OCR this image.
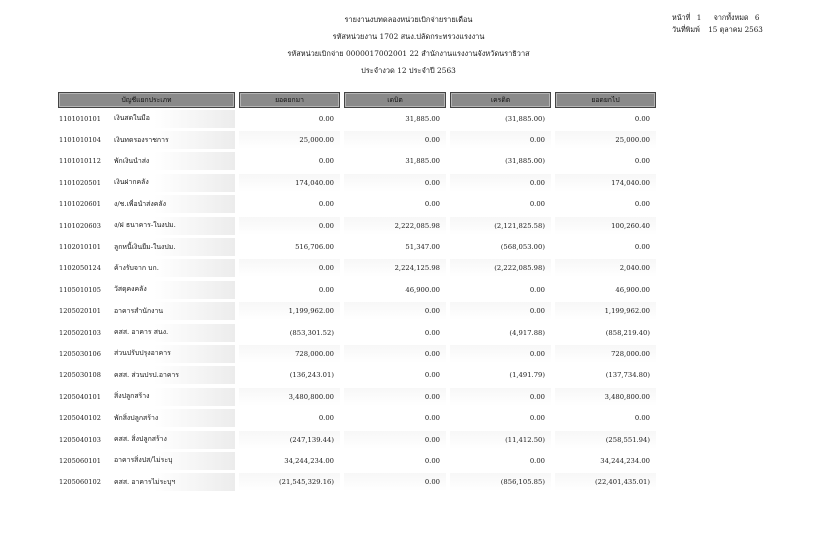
รายงานงบทดลองหน่วยเบิกจ่ายรายเดือน
รหัสหน่วยงาน 1702 สนง.ปลัดกระทรวงแรงงาน
รหัสหน่วยเบิกจ่าย 0000017002001 22 สำนักงานแรงงานจังหวัดนราธิวาส
ประจำงวด 12 ประจำปี 2563
หน้าที่ 1 จากทั้งหมด 6
วันที่พิมพ์ 15 ตุลาคม 2563
บัญชีแยกประเภท	ยอดยกมา	เดบิต	เครดิต	ยอดยกไป

1101010101 เงินสดในมือ	0.00	31,885.00	(31,885.00)	0.00

1101010104 เงินทดรองราชการ	25,000.00	0.00	0.00	25,000.00

1101010112 พักเงินนำส่ง	0.00	31,885.00	(31,885.00)	0.00

1101020501 เงินฝากคลัง	174,040.00	0.00	0.00	174,040.00

1101020601 ง/ช.เพื่อนำส่งคลัง	0.00	0.00	0.00	0.00

1101020603 ง/ฝ ธนาคาร-ในงปม.	0.00	2,222,085.98	(2,121,825.58)	100,260.40

1102010101 ลูกหนี้เงินยืม-ในงปม.	516,706.00	51,347.00	(568,053.00)	0.00

1102050124 ค้างรับจาก บก.	0.00	2,224,125.98	(2,222,085.98)	2,040.00

1105010105 วัสดุคงคลัง	0.00	46,900.00	0.00	46,900.00

1205020101 อาคารสำนักงาน	1,199,962.00	0.00	0.00	1,199,962.00

1205020103 คสส. อาคาร สนง.	(853,301.52)	0.00	(4,917.88)	(858,219.40)

1205030106 ส่วนปรับปรุงอาคาร	728,000.00	0.00	0.00	728,000.00

1205030108 คสส. ส่วนปรป.อาคาร	(136,243.01)	0.00	(1,491.79)	(137,734.80)

1205040101 สิ่งปลูกสร้าง	3,480,800.00	0.00	0.00	3,480,800.00

1205040102 พักสิ่งปลูกสร้าง	0.00	0.00	0.00	0.00

1205040103 คสส. สิ่งปลูกสร้าง	(247,139.44)	0.00	(11,412.50)	(258,551.94)

1205060101 อาคารสิ่งปส/ไม่ระบุ	34,244,234.00	0.00	0.00	34,244,234.00

1205060102 คสส. อาคารไม่ระบุฯ	(21,545,329.16)	0.00	(856,105.85)	(22,401,435.01)
